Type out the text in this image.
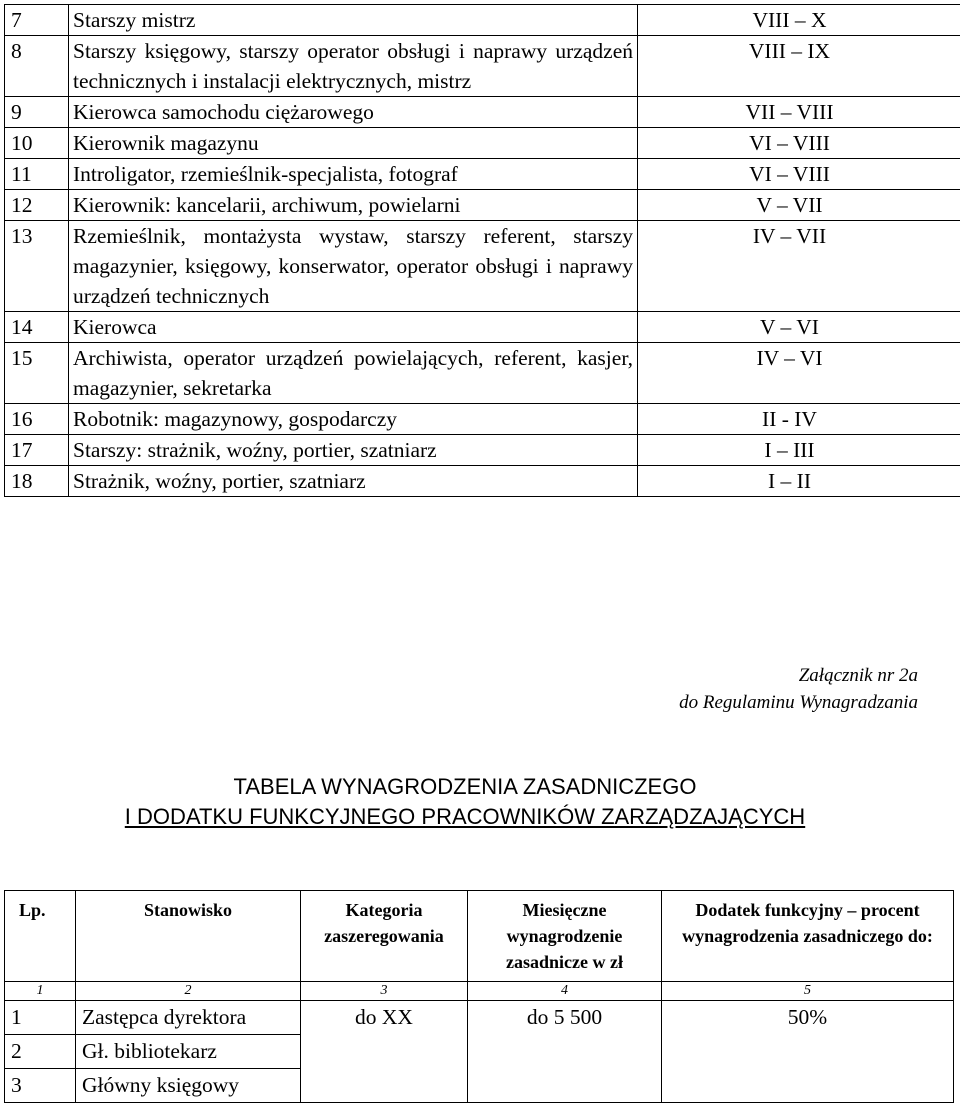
7	Starszy mistrz	VIII – X
8	Starszy księgowy, starszy operator obsługi i naprawy urządzeń technicznych i instalacji elektrycznych, mistrz	VIII – IX
9	Kierowca samochodu ciężarowego	VII – VIII
10	Kierownik magazynu	VI – VIII
11	Introligator, rzemieślnik-specjalista, fotograf	VI – VIII
12	Kierownik: kancelarii, archiwum, powielarni	V – VII
13	Rzemieślnik, montażysta wystaw, starszy referent, starszy magazynier, księgowy, konserwator, operator obsługi i naprawy urządzeń technicznych	IV – VII
14	Kierowca	V – VI
15	Archiwista, operator urządzeń powielających, referent, kasjer, magazynier, sekretarka	IV – VI
16	Robotnik: magazynowy, gospodarczy	II - IV
17	Starszy: strażnik, woźny, portier, szatniarz	I – III
18	Strażnik, woźny, portier, szatniarz	I – II
Załącznik nr 2a
do Regulaminu Wynagradzania
TABELA WYNAGRODZENIA ZASADNICZEGO
I DODATKU FUNKCYJNEGO PRACOWNIKÓW ZARZĄDZAJĄCYCH
Lp.	Stanowisko	Kategoria zaszeregowania	Miesięczne wynagrodzenie zasadnicze w zł	Dodatek funkcyjny – procent wynagrodzenia zasadniczego do:
1	2	3	4	5
1	Zastępca dyrektora	do XX	do 5 500	50%
2	Gł. bibliotekarz			
3	Główny księgowy			
